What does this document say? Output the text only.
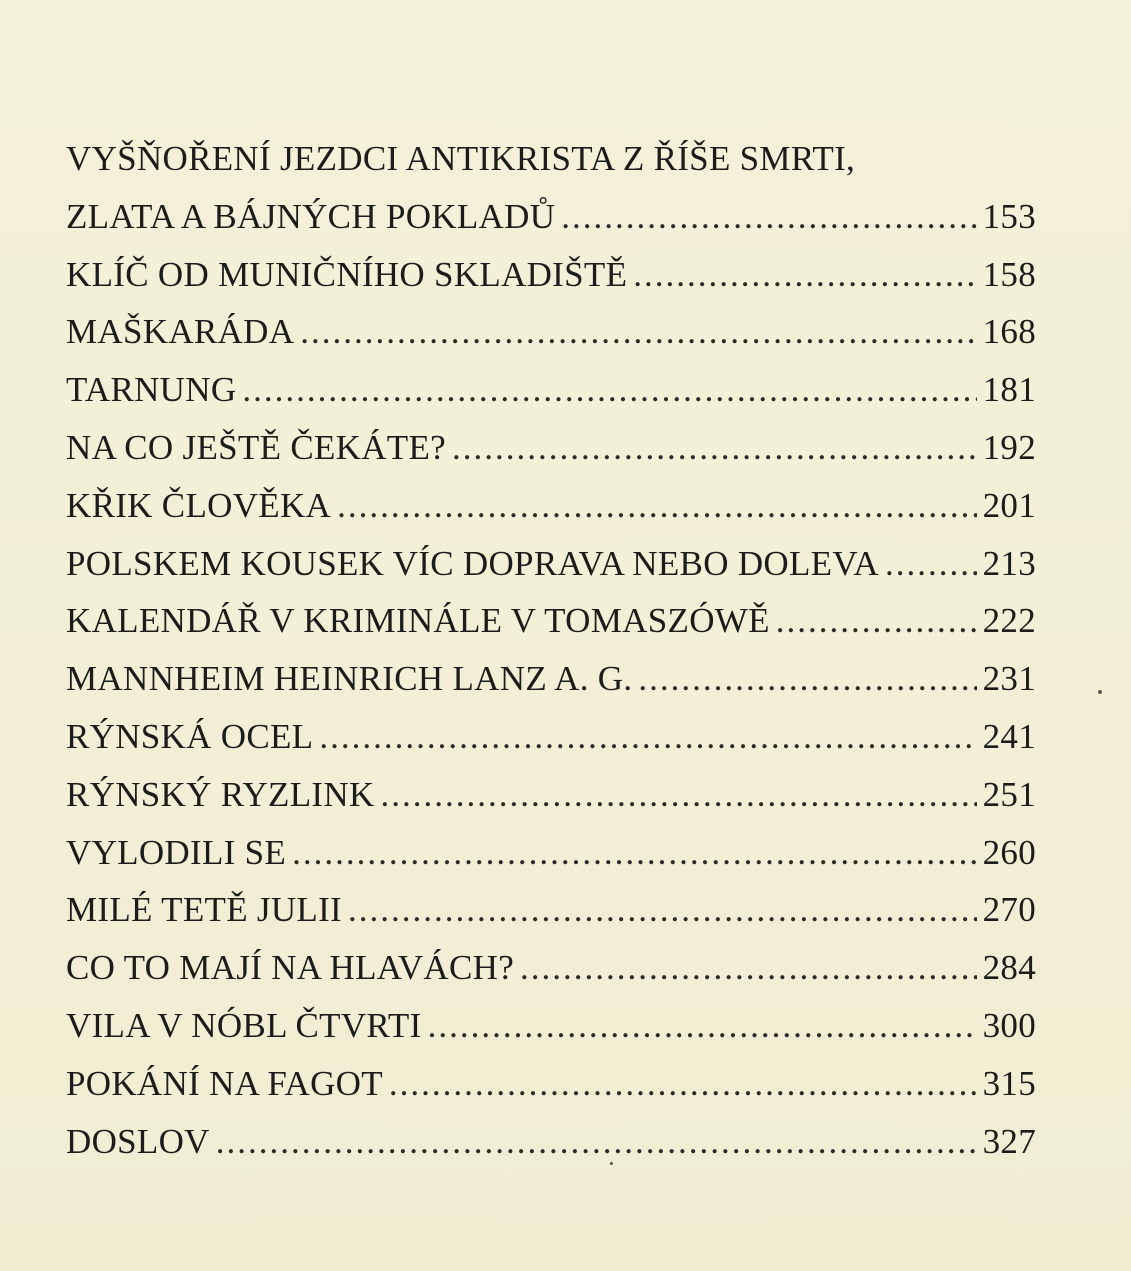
VYŠŇOŘENÍ JEZDCI ANTIKRISTA Z ŘÍŠE SMRTI,
ZLATA A BÁJNÝCH POKLADŮ .....	153
KLÍČ OD MUNIČNÍHO SKLADIŠTĚ .....	158
MAŠKARÁDA .....	168
TARNUNG .....	181
NA CO JEŠTĚ ČEKÁTE? .....	192
KŘIK ČLOVĚKA .....	201
POLSKEM KOUSEK VÍC DOPRAVA NEBO DOLEVA .....	213
KALENDÁŘ V KRIMINÁLE V TOMASZÓWĚ .....	222
MANNHEIM HEINRICH LANZ A. G. .....	231
RÝNSKÁ OCEL .....	241
RÝNSKÝ RYZLINK .....	251
VYLODILI SE .....	260
MILÉ TETĚ JULII .....	270
CO TO MAJÍ NA HLAVÁCH? .....	284
VILA V NÓBL ČTVRTI .....	300
POKÁNÍ NA FAGOT .....	315
DOSLOV .....	327
